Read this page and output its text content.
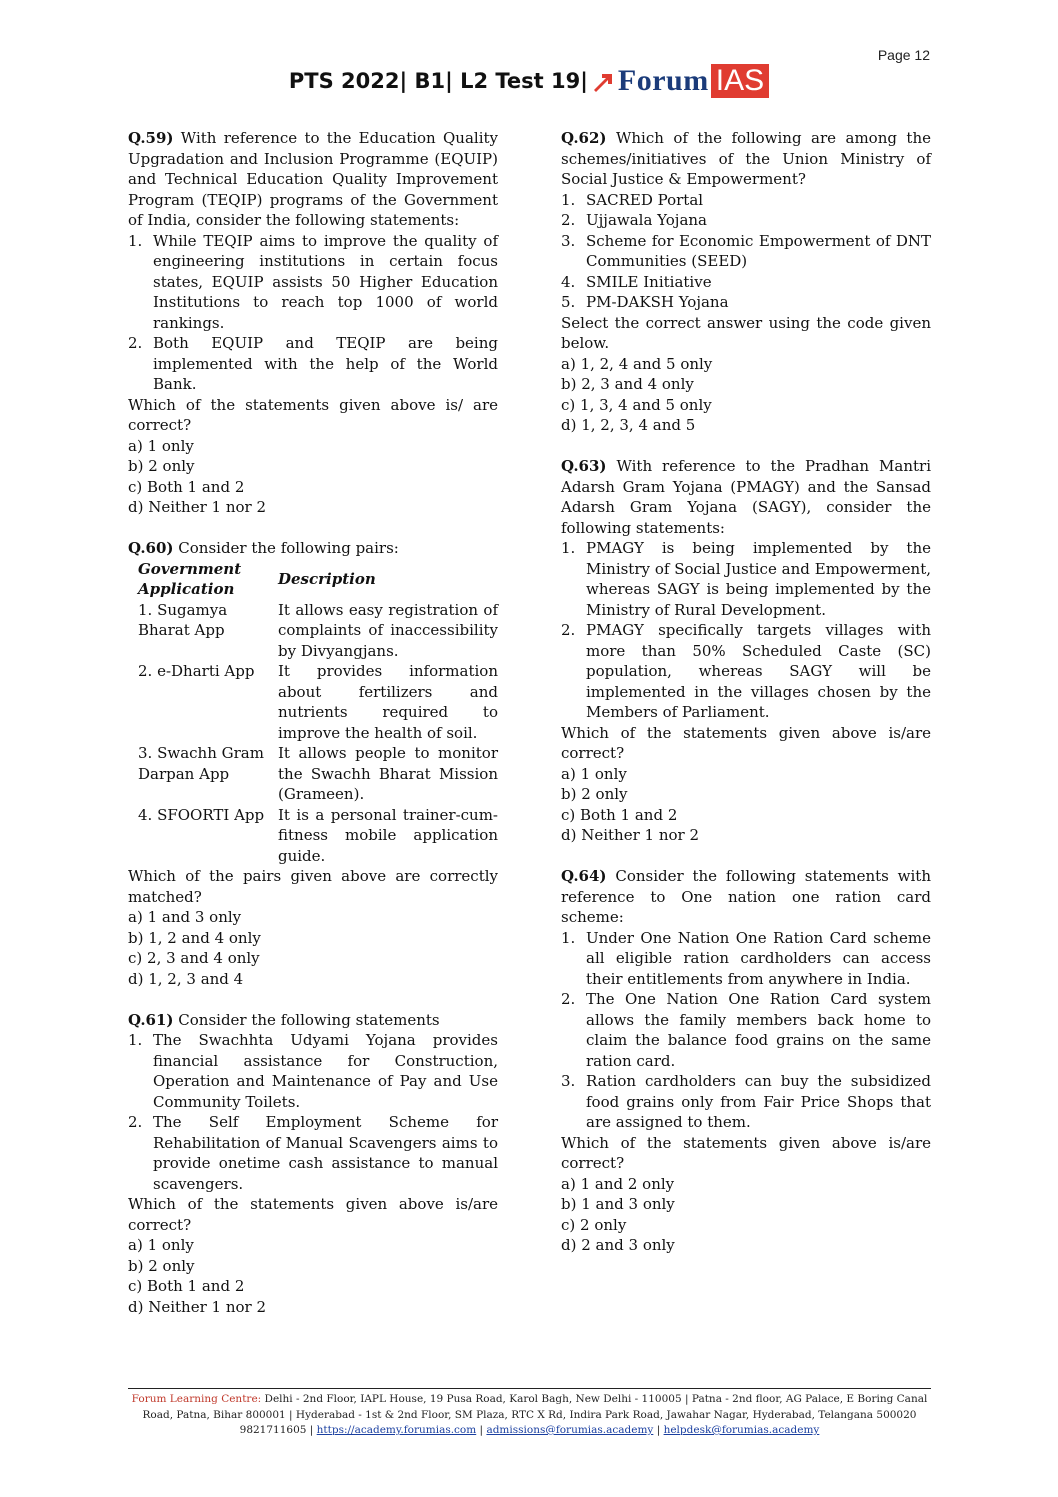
Page 12
PTS 2022| B1| L2 Test 19| Forum IAS

Q.59) With reference to the Education Quality Upgradation and Inclusion Programme (EQUIP) and Technical Education Quality Improvement Program (TEQIP) programs of the Government of India, consider the following statements:

1. While TEQIP aims to improve the quality of engineering institutions in certain focus states, EQUIP assists 50 Higher Education Institutions to reach top 1000 of world rankings.
2. Both EQUIP and TEQIP are being implemented with the help of the World Bank.

Which of the statements given above is/ are correct?

a) 1 only
b) 2 only
c) Both 1 and 2
d) Neither 1 nor 2

Q.60) Consider the following pairs:

Government Application	Description
1. Sugamya Bharat App	It allows easy registration of complaints of inaccessibility by Divyangjans.
2. e-Dharti App	It provides information about fertilizers and nutrients required to improve the health of soil.
3. Swachh Gram Darpan App	It allows people to monitor the Swachh Bharat Mission (Grameen).
4. SFOORTI App	It is a personal trainer-cum-fitness mobile application guide.

Which of the pairs given above are correctly matched?

a) 1 and 3 only
b) 1, 2 and 4 only
c) 2, 3 and 4 only
d) 1, 2, 3 and 4

Q.61) Consider the following statements

1. The Swachhta Udyami Yojana provides financial assistance for Construction, Operation and Maintenance of Pay and Use Community Toilets.
2. The Self Employment Scheme for Rehabilitation of Manual Scavengers aims to provide onetime cash assistance to manual scavengers.

Which of the statements given above is/are correct?

a) 1 only
b) 2 only
c) Both 1 and 2
d) Neither 1 nor 2

Q.62) Which of the following are among the schemes/initiatives of the Union Ministry of Social Justice & Empowerment?

1. SACRED Portal
2. Ujjawala Yojana
3. Scheme for Economic Empowerment of DNT Communities (SEED)
4. SMILE Initiative
5. PM-DAKSH Yojana

Select the correct answer using the code given below.

a) 1, 2, 4 and 5 only
b) 2, 3 and 4 only
c) 1, 3, 4 and 5 only
d) 1, 2, 3, 4 and 5

Q.63) With reference to the Pradhan Mantri Adarsh Gram Yojana (PMAGY) and the Sansad Adarsh Gram Yojana (SAGY), consider the following statements:

1. PMAGY is being implemented by the Ministry of Social Justice and Empowerment, whereas SAGY is being implemented by the Ministry of Rural Development.
2. PMAGY specifically targets villages with more than 50% Scheduled Caste (SC) population, whereas SAGY will be implemented in the villages chosen by the Members of Parliament.

Which of the statements given above is/are correct?

a) 1 only
b) 2 only
c) Both 1 and 2
d) Neither 1 nor 2

Q.64) Consider the following statements with reference to One nation one ration card scheme:

1. Under One Nation One Ration Card scheme all eligible ration cardholders can access their entitlements from anywhere in India.
2. The One Nation One Ration Card system allows the family members back home to claim the balance food grains on the same ration card.
3. Ration cardholders can buy the subsidized food grains only from Fair Price Shops that are assigned to them.

Which of the statements given above is/are correct?

a) 1 and 2 only
b) 1 and 3 only
c) 2 only
d) 2 and 3 only
Forum Learning Centre: Delhi - 2nd Floor, IAPL House, 19 Pusa Road, Karol Bagh, New Delhi - 110005 | Patna - 2nd floor, AG Palace, E Boring Canal Road, Patna, Bihar 800001 | Hyderabad - 1st & 2nd Floor, SM Plaza, RTC X Rd, Indira Park Road, Jawahar Nagar, Hyderabad, Telangana 500020
9821711605 | https://academy.forumias.com | admissions@forumias.academy | helpdesk@forumias.academy
